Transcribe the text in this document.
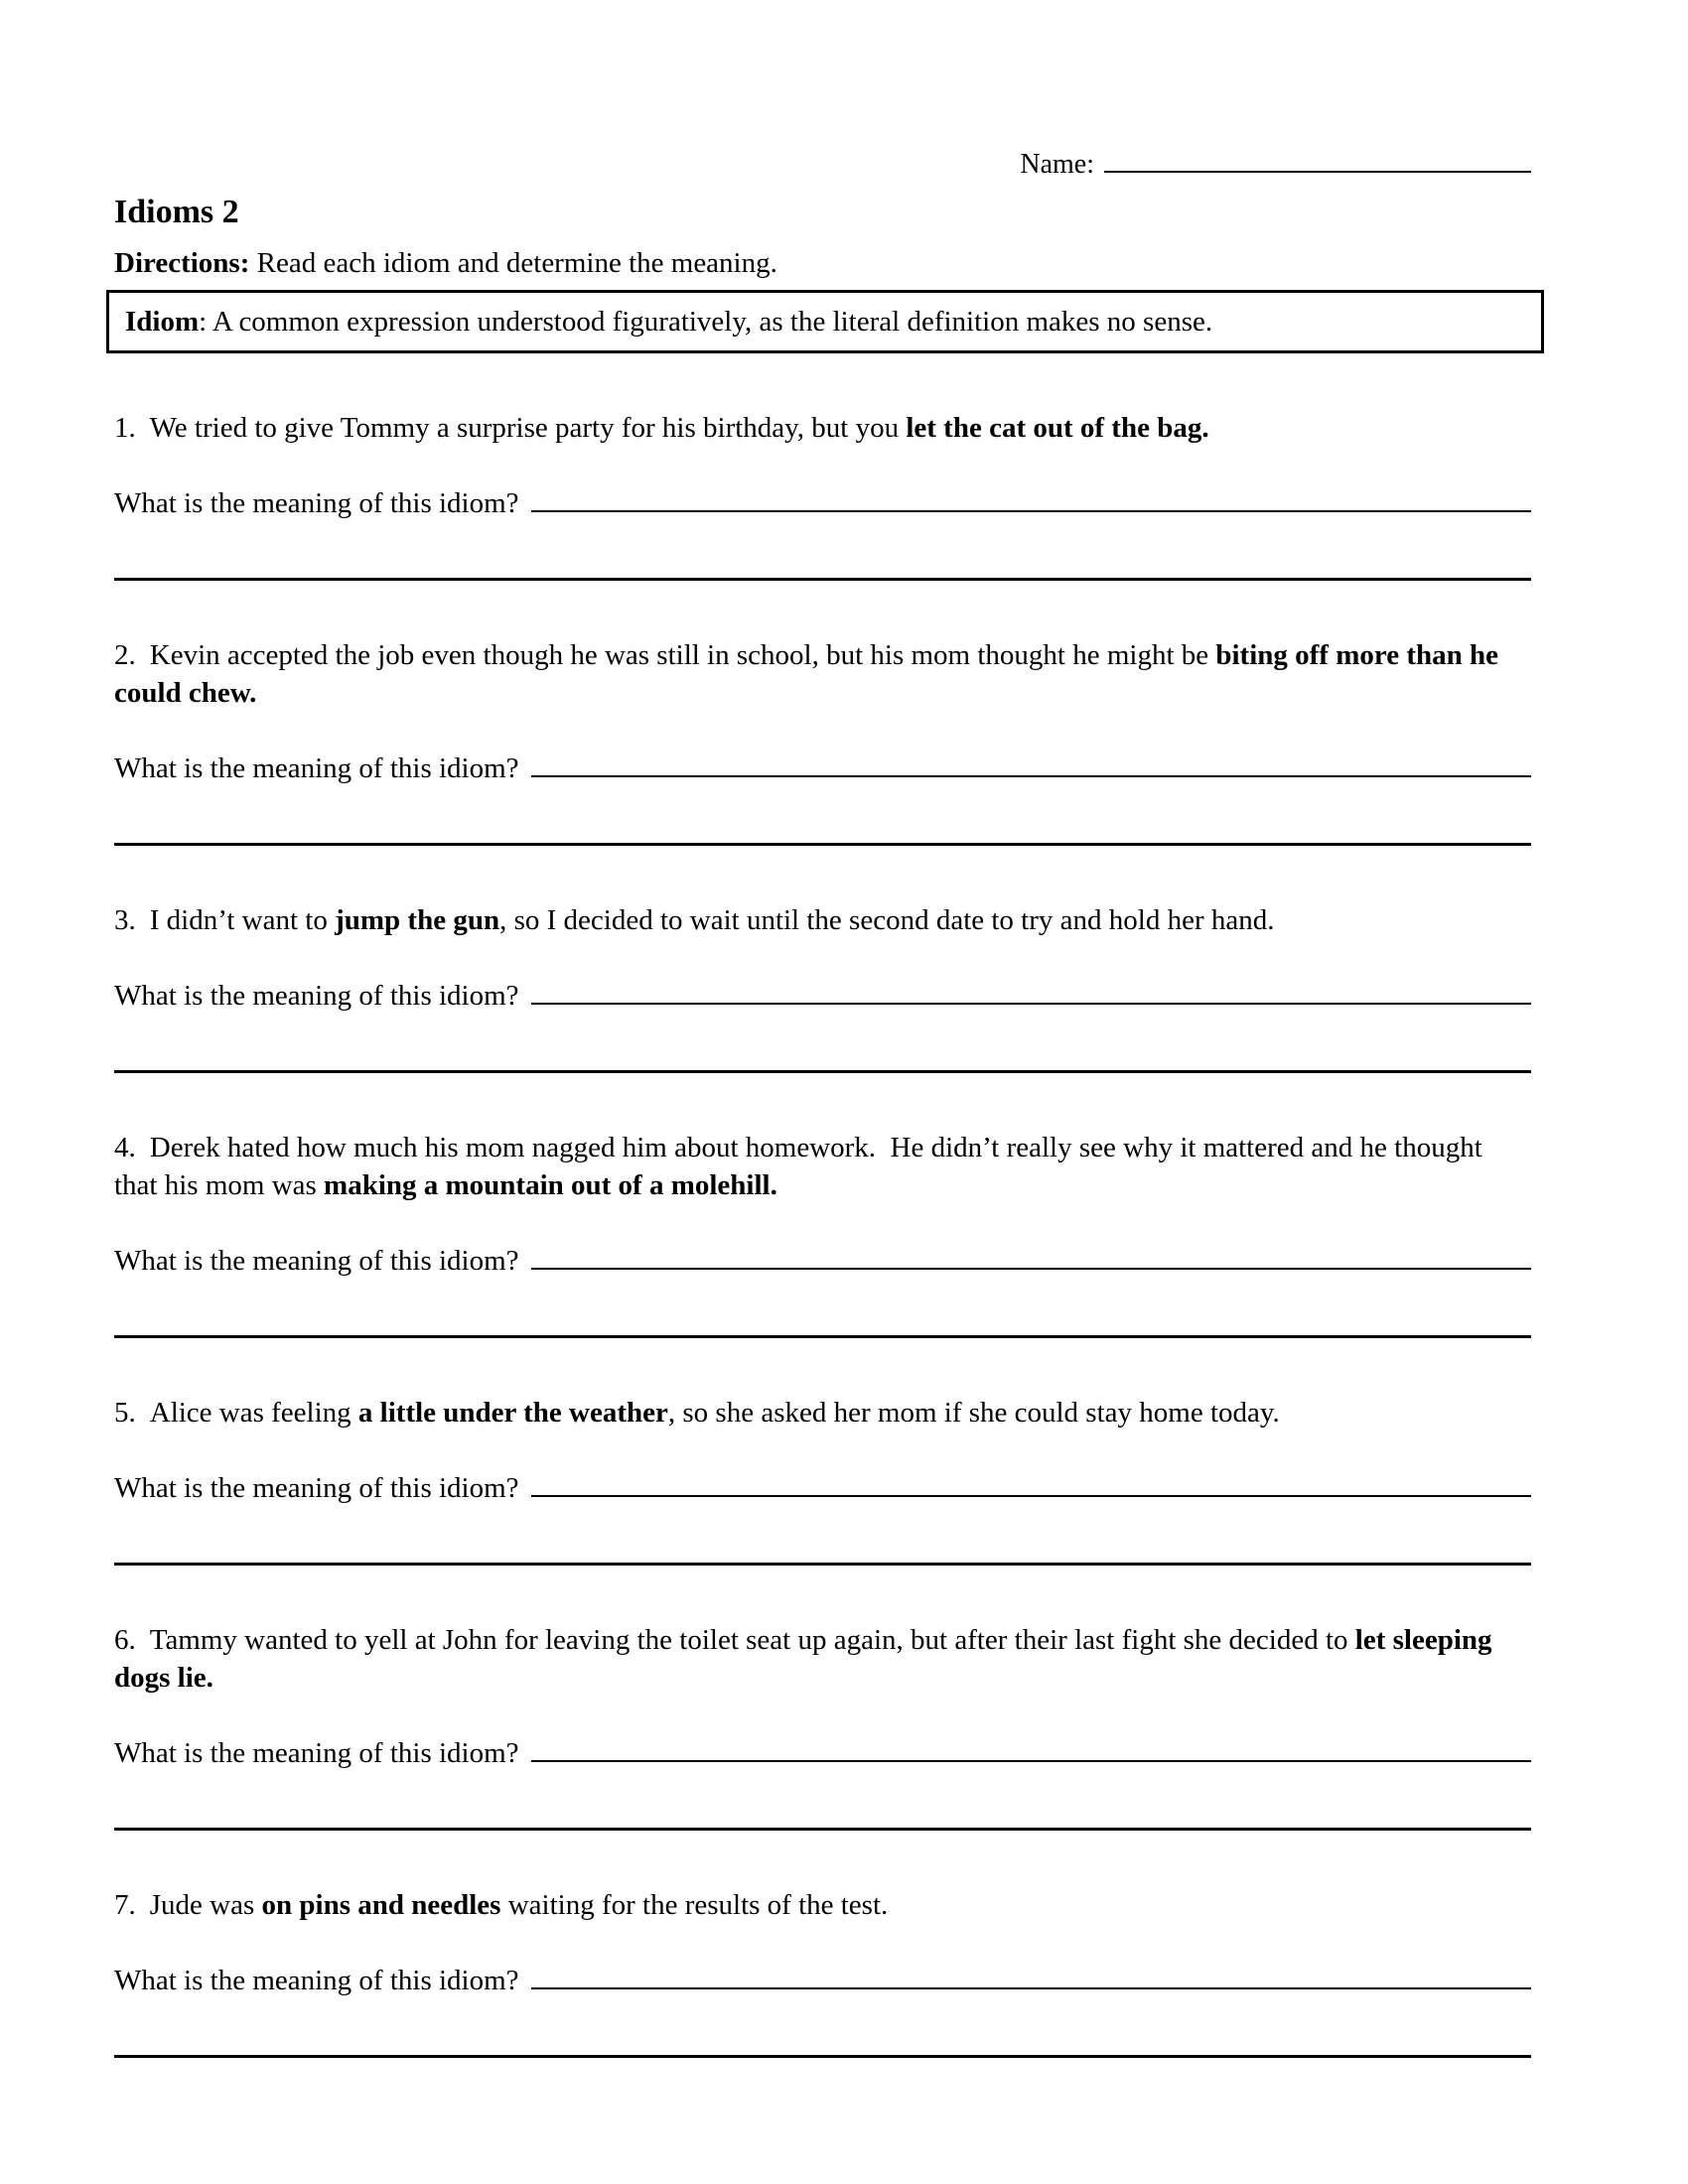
Name:
Idioms 2
Directions: Read each idiom and determine the meaning.
Idiom: A common expression understood figuratively, as the literal definition makes no sense.
1. We tried to give Tommy a surprise party for his birthday, but you let the cat out of the bag.
What is the meaning of this idiom?
2. Kevin accepted the job even though he was still in school, but his mom thought he might be biting off more than he could chew.
What is the meaning of this idiom?
3. I didn’t want to jump the gun, so I decided to wait until the second date to try and hold her hand.
What is the meaning of this idiom?
4. Derek hated how much his mom nagged him about homework.  He didn’t really see why it mattered and he thought that his mom was making a mountain out of a molehill.
What is the meaning of this idiom?
5. Alice was feeling a little under the weather, so she asked her mom if she could stay home today.
What is the meaning of this idiom?
6. Tammy wanted to yell at John for leaving the toilet seat up again, but after their last fight she decided to let sleeping dogs lie.
What is the meaning of this idiom?
7. Jude was on pins and needles waiting for the results of the test.
What is the meaning of this idiom?
